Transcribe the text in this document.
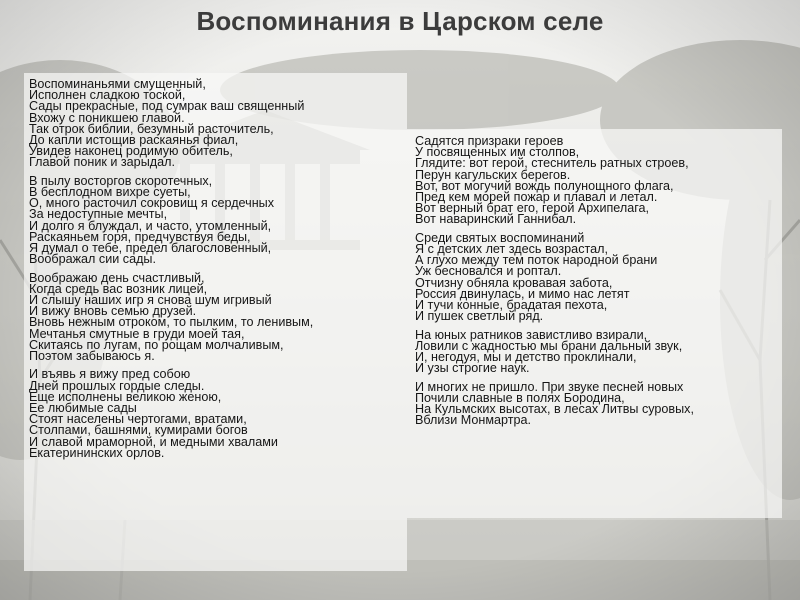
Воспоминания в Царском селе
Воспоминаньями смущенный,
Исполнен сладкою тоской,
Сады прекрасные, под сумрак ваш священный
Вхожу с поникшею главой.
Так отрок библии, безумный расточитель,
До капли истощив раскаянья фиал,
Увидев наконец родимую обитель,
Главой поник и зарыдал.
В пылу восторгов скоротечных,
В бесплодном вихре суеты,
О, много расточил сокровищ я сердечных
За недоступные мечты,
И долго я блуждал, и часто, утомленный,
Раскаяньем горя, предчувствуя беды,
Я думал о тебе, предел благословенный,
Воображал сии сады.
Воображаю день счастливый,
Когда средь вас возник лицей,
И слышу наших игр я снова шум игривый
И вижу вновь семью друзей.
Вновь нежным отроком, то пылким, то ленивым,
Мечтанья смутные в груди моей тая,
Скитаясь по лугам, по рощам молчаливым,
Поэтом забываюсь я.
И въявь я вижу пред собою
Дней прошлых гордые следы.
Еще исполнены великою женою,
Ее любимые сады
Стоят населены чертогами, вратами,
Столпами, башнями, кумирами богов
И славой мраморной, и медными хвалами
Екатерининских орлов.
Садятся призраки героев
У посвященных им столпов,
Глядите: вот герой, стеснитель ратных строев,
Перун кагульских берегов.
Вот, вот могучий вождь полунощного флага,
Пред кем морей пожар и плавал и летал.
Вот верный брат его, герой Архипелага,
Вот наваринский Ганнибал.
Среди святых воспоминаний
Я с детских лет здесь возрастал,
А глухо между тем поток народной брани
Уж бесновался и роптал.
Отчизну обняла кровавая забота,
Россия двинулась, и мимо нас летят
И тучи конные, брадатая пехота,
И пушек светлый ряд.
На юных ратников завистливо взирали,
Ловили с жадностью мы брани дальный звук,
И, негодуя, мы и детство проклинали,
И узы строгие наук.
И многих не пришло. При звуке песней новых
Почили славные в полях Бородина,
На Кульмских высотах, в лесах Литвы суровых,
Вблизи Монмартра.
